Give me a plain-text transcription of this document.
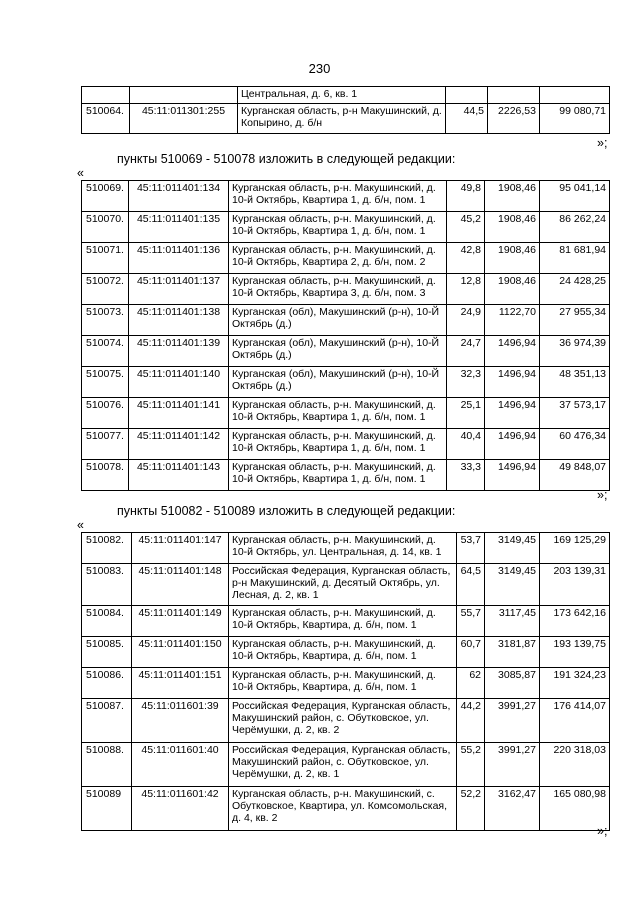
230
		Центральная, д. 6, кв. 1			
510064.	45:11:011301:255	Курганская область, р-н Макушинский, д. Копырино, д. б/н	44,5	2226,53	99 080,71
»;
пункты 510069 - 510078 изложить в следующей редакции:
«
510069.	45:11:011401:134	Курганская область, р-н. Макушинский, д. 10-й Октябрь, Квартира 1, д. б/н, пом. 1	49,8	1908,46	95 041,14
510070.	45:11:011401:135	Курганская область, р-н. Макушинский, д. 10-й Октябрь, Квартира 1, д. б/н, пом. 1	45,2	1908,46	86 262,24
510071.	45:11:011401:136	Курганская область, р-н. Макушинский, д. 10-й Октябрь, Квартира 2, д. б/н, пом. 2	42,8	1908,46	81 681,94
510072.	45:11:011401:137	Курганская область, р-н. Макушинский, д. 10-й Октябрь, Квартира 3, д. б/н, пом. 3	12,8	1908,46	24 428,25
510073.	45:11:011401:138	Курганская (обл), Макушинский (р-н), 10-Й Октябрь (д.)	24,9	1122,70	27 955,34
510074.	45:11:011401:139	Курганская (обл), Макушинский (р-н), 10-Й Октябрь (д.)	24,7	1496,94	36 974,39
510075.	45:11:011401:140	Курганская (обл), Макушинский (р-н), 10-Й Октябрь (д.)	32,3	1496,94	48 351,13
510076.	45:11:011401:141	Курганская область, р-н. Макушинский, д. 10-й Октябрь, Квартира 1, д. б/н, пом. 1	25,1	1496,94	37 573,17
510077.	45:11:011401:142	Курганская область, р-н. Макушинский, д. 10-й Октябрь, Квартира 1, д. б/н, пом. 1	40,4	1496,94	60 476,34
510078.	45:11:011401:143	Курганская область, р-н. Макушинский, д. 10-й Октябрь, Квартира 1, д. б/н, пом. 1	33,3	1496,94	49 848,07
»;
пункты 510082 - 510089 изложить в следующей редакции:
«
510082.	45:11:011401:147	Курганская область, р-н. Макушинский, д. 10-й Октябрь, ул. Центральная, д. 14, кв. 1	53,7	3149,45	169 125,29
510083.	45:11:011401:148	Российская Федерация, Курганская область, р-н Макушинский, д. Десятый Октябрь, ул. Лесная, д. 2, кв. 1	64,5	3149,45	203 139,31
510084.	45:11:011401:149	Курганская область, р-н. Макушинский, д. 10-й Октябрь, Квартира, д. б/н, пом. 1	55,7	3117,45	173 642,16
510085.	45:11:011401:150	Курганская область, р-н. Макушинский, д. 10-й Октябрь, Квартира, д. б/н, пом. 1	60,7	3181,87	193 139,75
510086.	45:11:011401:151	Курганская область, р-н. Макушинский, д. 10-й Октябрь, Квартира, д. б/н, пом. 1	62	3085,87	191 324,23
510087.	45:11:011601:39	Российская Федерация, Курганская область, Макушинский район, с. Обутковское, ул. Черёмушки, д. 2, кв. 2	44,2	3991,27	176 414,07
510088.	45:11:011601:40	Российская Федерация, Курганская область, Макушинский район, с. Обутковское, ул. Черёмушки, д. 2, кв. 1	55,2	3991,27	220 318,03
510089	45:11:011601:42	Курганская область, р-н. Макушинский, с. Обутковское, Квартира, ул. Комсомольская, д. 4, кв. 2	52,2	3162,47	165 080,98
»;
